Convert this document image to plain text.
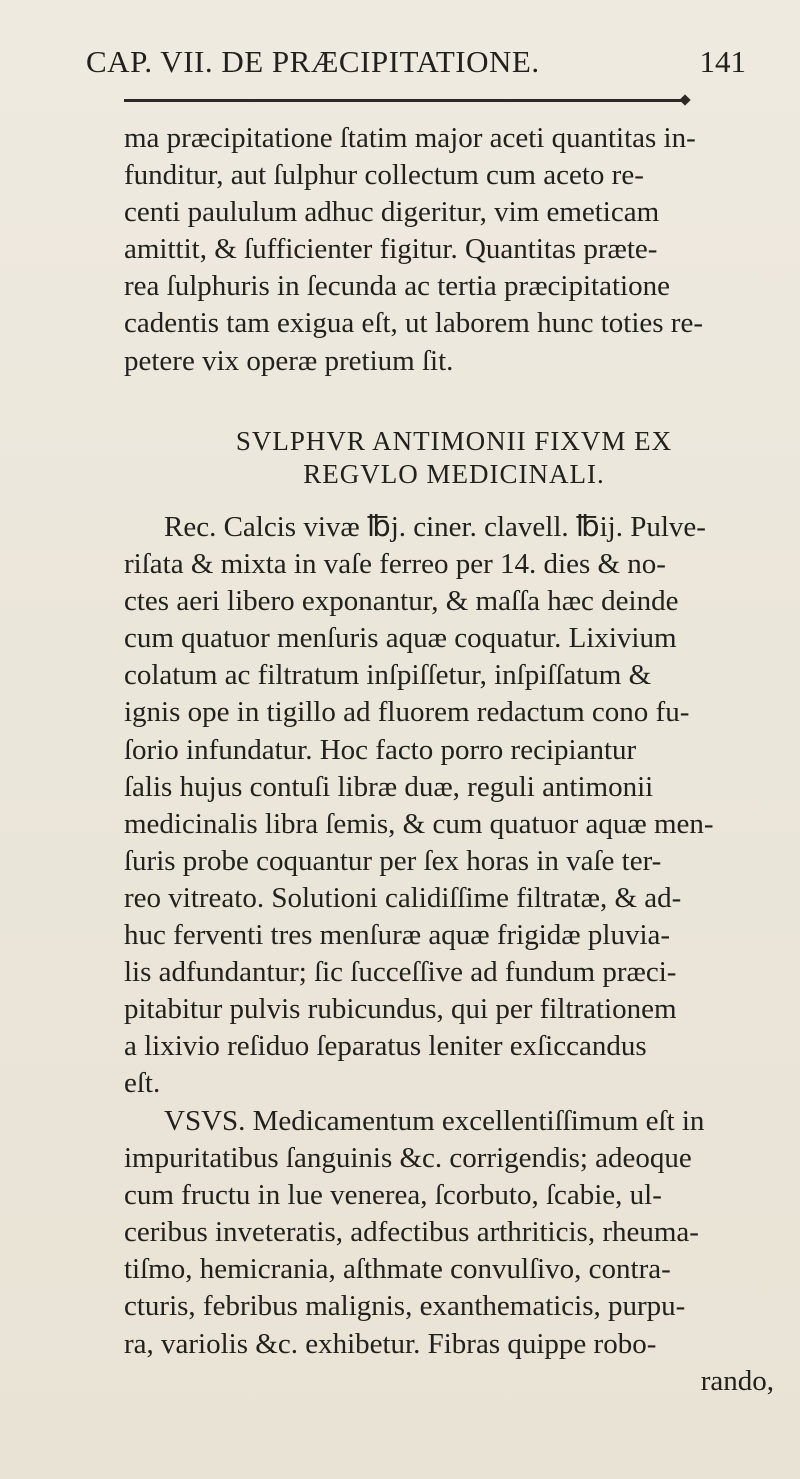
CAP. VII. DE PRÆCIPITATIONE.	141
ma præcipitatione ſtatim major aceti quantitas in-
funditur, aut ſulphur collectum cum aceto re-
centi paululum adhuc digeritur, vim emeticam
amittit, & ſufficienter figitur. Quantitas præte-
rea ſulphuris in ſecunda ac tertia præcipitatione
cadentis tam exigua eſt, ut laborem hunc toties re-
petere vix operæ pretium ſit.
SVLPHVR ANTIMONII FIXVM EX
REGVLO MEDICINALI.
Rec. Calcis vivæ ℔j. ciner. clavell. ℔ij. Pulve-
riſata & mixta in vaſe ferreo per 14. dies & no-
ctes aeri libero exponantur, & maſſa hæc deinde
cum quatuor menſuris aquæ coquatur. Lixivium
colatum ac filtratum inſpiſſetur, inſpiſſatum &
ignis ope in tigillo ad fluorem redactum cono fu-
ſorio infundatur. Hoc facto porro recipiantur
ſalis hujus contuſi libræ duæ, reguli antimonii
medicinalis libra ſemis, & cum quatuor aquæ men-
ſuris probe coquantur per ſex horas in vaſe ter-
reo vitreato. Solutioni calidiſſime filtratæ, & ad-
huc ferventi tres menſuræ aquæ frigidæ pluvia-
lis adfundantur; ſic ſucceſſive ad fundum præci-
pitabitur pulvis rubicundus, qui per filtrationem
a lixivio reſiduo ſeparatus leniter exſiccandus
eſt.
VSVS. Medicamentum excellentiſſimum eſt in
impuritatibus ſanguinis &c. corrigendis; adeoque
cum fructu in lue venerea, ſcorbuto, ſcabie, ul-
ceribus inveteratis, adfectibus arthriticis, rheuma-
tiſmo, hemicrania, aſthmate convulſivo, contra-
cturis, febribus malignis, exanthematicis, purpu-
ra, variolis &c. exhibetur. Fibras quippe robo-
rando,
